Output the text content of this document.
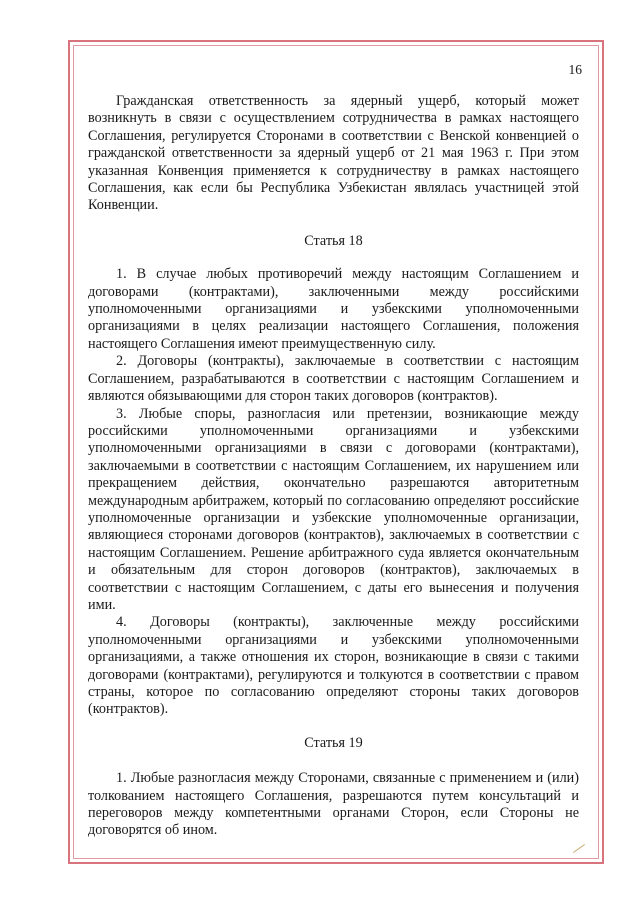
16

Гражданская ответственность за ядерный ущерб, который может возникнуть в связи с осуществлением сотрудничества в рамках настоящего Соглашения, регулируется Сторонами в соответствии с Венской конвенцией о гражданской ответственности за ядерный ущерб от 21 мая 1963 г. При этом указанная Конвенция применяется к сотрудничеству в рамках настоящего Соглашения, как если бы Республика Узбекистан являлась участницей этой Конвенции.

Статья 18

1. В случае любых противоречий между настоящим Соглашением и договорами (контрактами), заключенными между российскими уполномоченными организациями и узбекскими уполномоченными организациями в целях реализации настоящего Соглашения, положения настоящего Соглашения имеют преимущественную силу.

2. Договоры (контракты), заключаемые в соответствии с настоящим Соглашением, разрабатываются в соответствии с настоящим Соглашением и являются обязывающими для сторон таких договоров (контрактов).

3. Любые споры, разногласия или претензии, возникающие между российскими уполномоченными организациями и узбекскими уполномоченными организациями в связи с договорами (контрактами), заключаемыми в соответствии с настоящим Соглашением, их нарушением или прекращением действия, окончательно разрешаются авторитетным международным арбитражем, который по согласованию определяют российские уполномоченные организации и узбекские уполномоченные организации, являющиеся сторонами договоров (контрактов), заключаемых в соответствии с настоящим Соглашением. Решение арбитражного суда является окончательным и обязательным для сторон договоров (контрактов), заключаемых в соответствии с настоящим Соглашением, с даты его вынесения и получения ими.

4. Договоры (контракты), заключенные между российскими уполномоченными организациями и узбекскими уполномоченными организациями, а также отношения их сторон, возникающие в связи с такими договорами (контрактами), регулируются и толкуются в соответствии с правом страны, которое по согласованию определяют стороны таких договоров (контрактов).

Статья 19

1. Любые разногласия между Сторонами, связанные с применением и (или) толкованием настоящего Соглашения, разрешаются путем консультаций и переговоров между компетентными органами Сторон, если Стороны не договорятся об ином.
